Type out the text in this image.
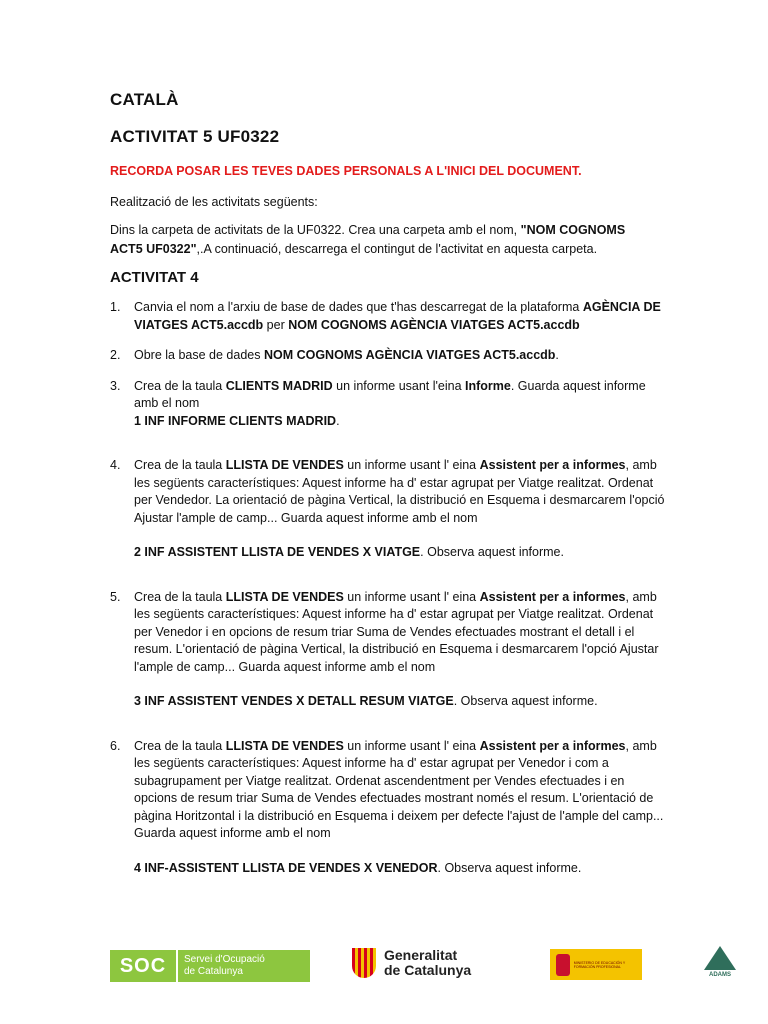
CATALÀ
ACTIVITAT 5 UF0322
RECORDA POSAR LES TEVES DADES PERSONALS A L'INICI DEL DOCUMENT.
Realització de les activitats següents:
Dins la carpeta de activitats de la UF0322. Crea una carpeta amb el nom, "NOM COGNOMS ACT5 UF0322",.A continuació, descarrega el contingut de l'activitat en aquesta carpeta.
ACTIVITAT 4
1. Canvia el nom a l'arxiu de base de dades que t'has descarregat de la plataforma AGÈNCIA DE VIATGES ACT5.accdb per NOM COGNOMS AGÈNCIA VIATGES ACT5.accdb
2. Obre la base de dades NOM COGNOMS AGÈNCIA VIATGES ACT5.accdb.
3. Crea de la taula CLIENTS MADRID un informe usant l'eina Informe. Guarda aquest informe amb el nom
1 INF INFORME CLIENTS MADRID.
4. Crea de la taula LLISTA DE VENDES un informe usant l' eina Assistent per a informes, amb les següents característiques: Aquest informe ha d' estar agrupat per Viatge realitzat. Ordenat per Vendedor. La orientació de pàgina Vertical, la distribució en Esquema i desmarcarem l'opció Ajustar l'ample de camp... Guarda aquest informe amb el nom
2 INF ASSISTENT LLISTA DE VENDES X VIATGE. Observa aquest informe.
5. Crea de la taula LLISTA DE VENDES un informe usant l' eina Assistent per a informes, amb les següents característiques: Aquest informe ha d' estar agrupat per Viatge realitzat. Ordenat per Venedor i en opcions de resum triar Suma de Vendes efectuades mostrant el detall i el resum. L'orientació de pàgina Vertical, la distribució en Esquema i desmarcarem l'opció Ajustar l'ample de camp... Guarda aquest informe amb el nom
3 INF ASSISTENT VENDES X DETALL RESUM VIATGE. Observa aquest informe.
6. Crea de la taula LLISTA DE VENDES un informe usant l' eina Assistent per a informes, amb les següents característiques: Aquest informe ha d' estar agrupat per Venedor i com a subagrupament per Viatge realitzat. Ordenat ascendentment per Vendes efectuades i en opcions de resum triar Suma de Vendes efectuades mostrant només el resum. L'orientació de pàgina Horitzontal i la distribució en Esquema i deixem per defecte l'ajust de l'ample del camp... Guarda aquest informe amb el nom
4 INF-ASSISTENT LLISTA DE VENDES X VENEDOR. Observa aquest informe.
SOC	Servei d'Ocupació
de Catalunya
Generalitat
de Catalunya	MINISTERIO DE EDUCACIÓN Y FORMACIÓN PROFESIONAL
ADAMS
